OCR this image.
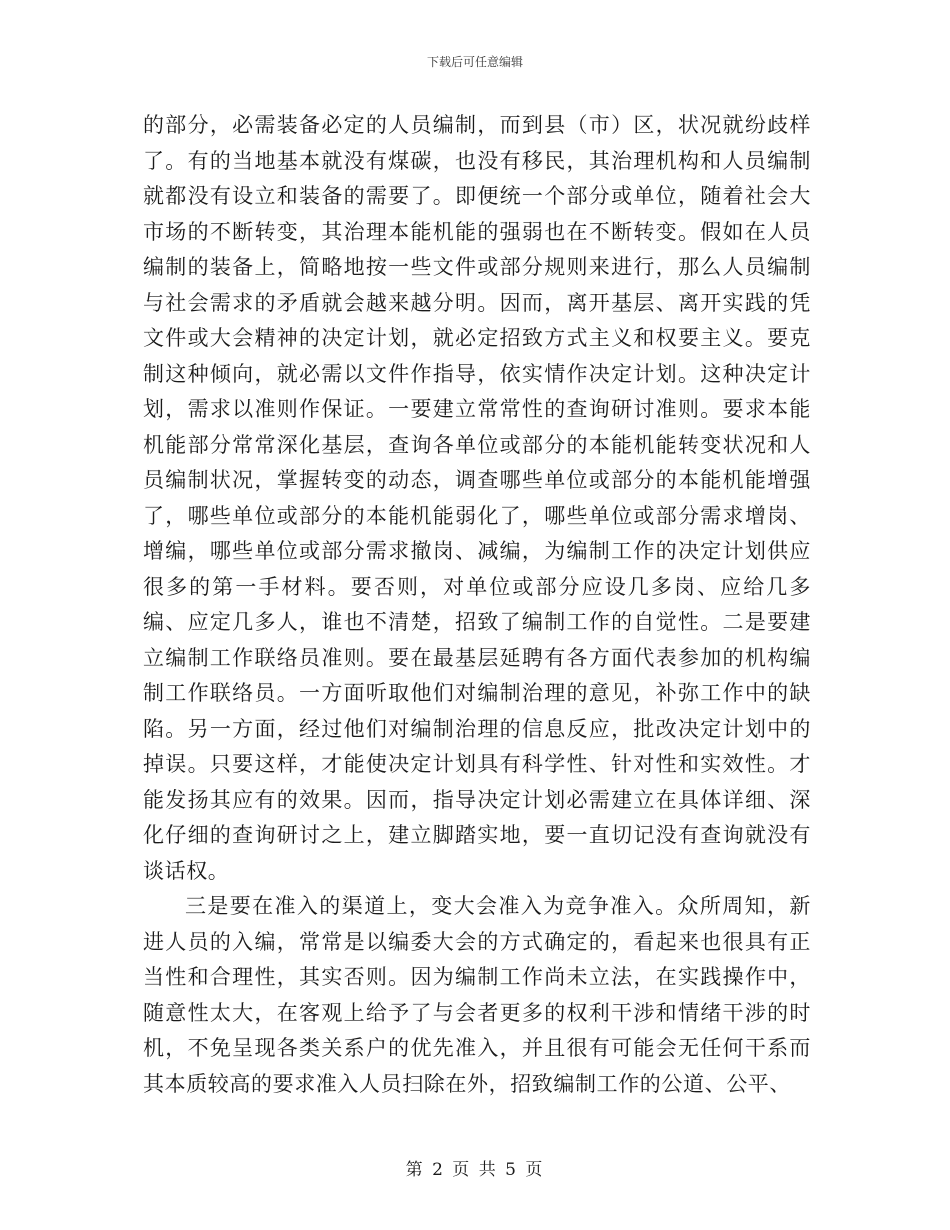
下载后可任意编辑

的部分，必需装备必定的人员编制，而到县（市）区，状况就纷歧样了。有的当地基本就没有煤碳，也没有移民，其治理机构和人员编制就都没有设立和装备的需要了。即便统一个部分或单位，随着社会大市场的不断转变，其治理本能机能的强弱也在不断转变。假如在人员编制的装备上，简略地按一些文件或部分规则来进行，那么人员编制与社会需求的矛盾就会越来越分明。因而，离开基层、离开实践的凭文件或大会精神的决定计划，就必定招致方式主义和权要主义。要克制这种倾向，就必需以文件作指导，依实情作决定计划。这种决定计划，需求以准则作保证。一要建立常常性的查询研讨准则。要求本能机能部分常常深化基层，查询各单位或部分的本能机能转变状况和人员编制状况，掌握转变的动态，调查哪些单位或部分的本能机能增强了，哪些单位或部分的本能机能弱化了，哪些单位或部分需求增岗、增编，哪些单位或部分需求撤岗、减编，为编制工作的决定计划供应很多的第一手材料。要否则，对单位或部分应设几多岗、应给几多编、应定几多人，谁也不清楚，招致了编制工作的自觉性。二是要建立编制工作联络员准则。要在最基层延聘有各方面代表参加的机构编制工作联络员。一方面听取他们对编制治理的意见，补弥工作中的缺陷。另一方面，经过他们对编制治理的信息反应，批改决定计划中的掉误。只要这样，才能使决定计划具有科学性、针对性和实效性。才能发扬其应有的效果。因而，指导决定计划必需建立在具体详细、深化仔细的查询研讨之上，建立脚踏实地，要一直切记没有查询就没有谈话权。

三是要在准入的渠道上，变大会准入为竞争准入。众所周知，新进人员的入编，常常是以编委大会的方式确定的，看起来也很具有正当性和合理性，其实否则。因为编制工作尚未立法，在实践操作中，随意性太大，在客观上给予了与会者更多的权利干涉和情绪干涉的时机，不免呈现各类关系户的优先准入，并且很有可能会无任何干系而其本质较高的要求准入人员扫除在外，招致编制工作的公道、公平、

第 2 页 共 5 页
